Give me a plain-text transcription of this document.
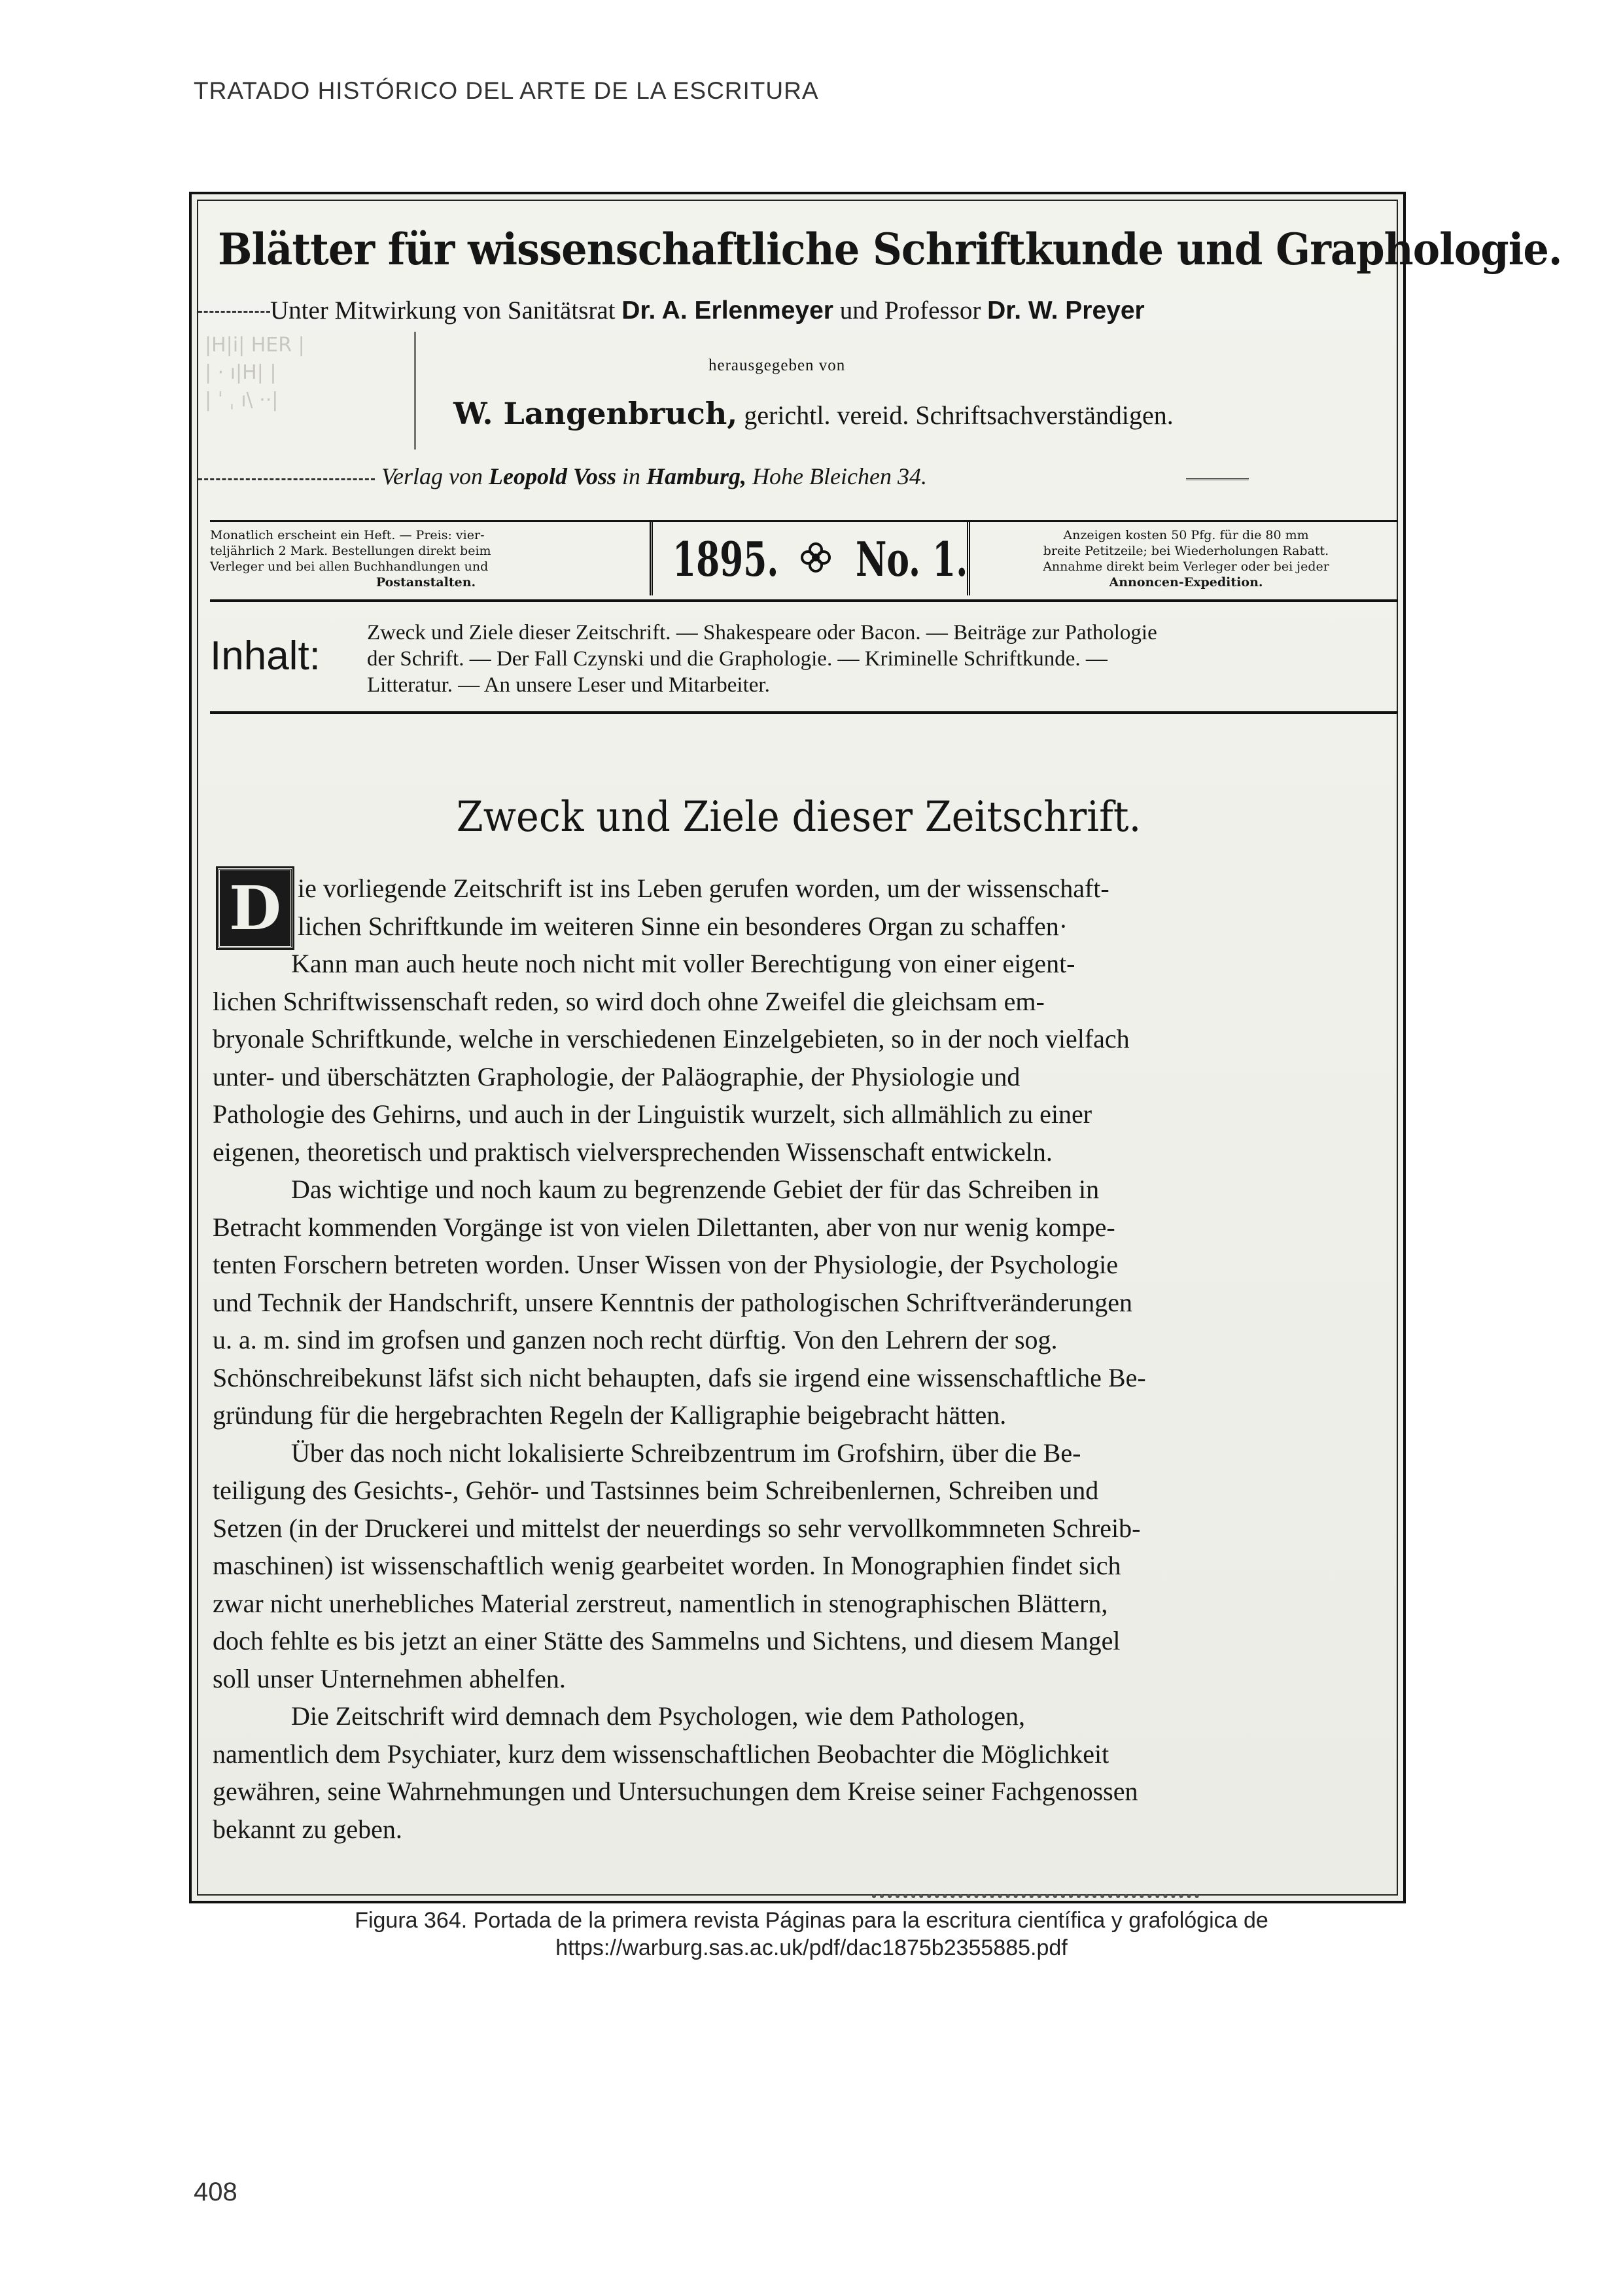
TRATADO HISTÓRICO DEL ARTE DE LA ESCRITURA
Blätter für wissenschaftliche Schriftkunde und Graphologie.
Unter Mitwirkung von Sanitätsrat Dr. A. Erlenmeyer und Professor Dr. W. Preyer
|H|i| HER |
| · ı|H| |
| ˈ ˌ ı\ ··|
herausgegeben von
W. Langenbruch, gerichtl. vereid. Schriftsachverständigen.
Verlag von Leopold Voss in Hamburg, Hohe Bleichen 34.

Monatlich erscheint ein Heft. — Preis: vier-

teljährlich 2 Mark. Bestellungen direkt beim

Verleger und bei allen Buchhandlungen und

Postanstalten.	1895. No. 1.	Anzeigen kosten 50 Pfg. für die 80 mm

breite Petitzeile; bei Wiederholungen Rabatt.

Annahme direkt beim Verleger oder bei jeder

Annoncen-Expedition.

Inhalt:

Zweck und Ziele dieser Zeitschrift. — Shakespeare oder Bacon. — Beiträge zur Pathologie

der Schrift. — Der Fall Czynski und die Graphologie. — Kriminelle Schriftkunde. —

Litteratur. — An unsere Leser und Mitarbeiter.

Zweck und Ziele dieser Zeitschrift.
D ie vorliegende Zeitschrift ist ins Leben gerufen worden, um der wissenschaft-
lichen Schriftkunde im weiteren Sinne ein besonderes Organ zu schaffen·
Kann man auch heute noch nicht mit voller Berechtigung von einer eigent-
lichen Schriftwissenschaft reden, so wird doch ohne Zweifel die gleichsam em-
bryonale Schriftkunde, welche in verschiedenen Einzelgebieten, so in der noch vielfach
unter- und überschätzten Graphologie, der Paläographie, der Physiologie und
Pathologie des Gehirns, und auch in der Linguistik wurzelt, sich allmählich zu einer
eigenen, theoretisch und praktisch vielversprechenden Wissenschaft entwickeln.
Das wichtige und noch kaum zu begrenzende Gebiet der für das Schreiben in
Betracht kommenden Vorgänge ist von vielen Dilettanten, aber von nur wenig kompe-
tenten Forschern betreten worden. Unser Wissen von der Physiologie, der Psychologie
und Technik der Handschrift, unsere Kenntnis der pathologischen Schriftveränderungen
u. a. m. sind im grofsen und ganzen noch recht dürftig. Von den Lehrern der sog.
Schönschreibekunst läfst sich nicht behaupten, dafs sie irgend eine wissenschaftliche Be-
gründung für die hergebrachten Regeln der Kalligraphie beigebracht hätten.
Über das noch nicht lokalisierte Schreibzentrum im Grofshirn, über die Be-
teiligung des Gesichts-, Gehör- und Tastsinnes beim Schreibenlernen, Schreiben und
Setzen (in der Druckerei und mittelst der neuerdings so sehr vervollkommneten Schreib-
maschinen) ist wissenschaftlich wenig gearbeitet worden. In Monographien findet sich
zwar nicht unerhebliches Material zerstreut, namentlich in stenographischen Blättern,
doch fehlte es bis jetzt an einer Stätte des Sammelns und Sichtens, und diesem Mangel
soll unser Unternehmen abhelfen.
Die Zeitschrift wird demnach dem Psychologen, wie dem Pathologen,
namentlich dem Psychiater, kurz dem wissenschaftlichen Beobachter die Möglichkeit
gewähren, seine Wahrnehmungen und Untersuchungen dem Kreise seiner Fachgenossen
bekannt zu geben.

Figura 364. Portada de la primera revista Páginas para la escritura científica y grafológica de

https://warburg.sas.ac.uk/pdf/dac1875b2355885.pdf

408
